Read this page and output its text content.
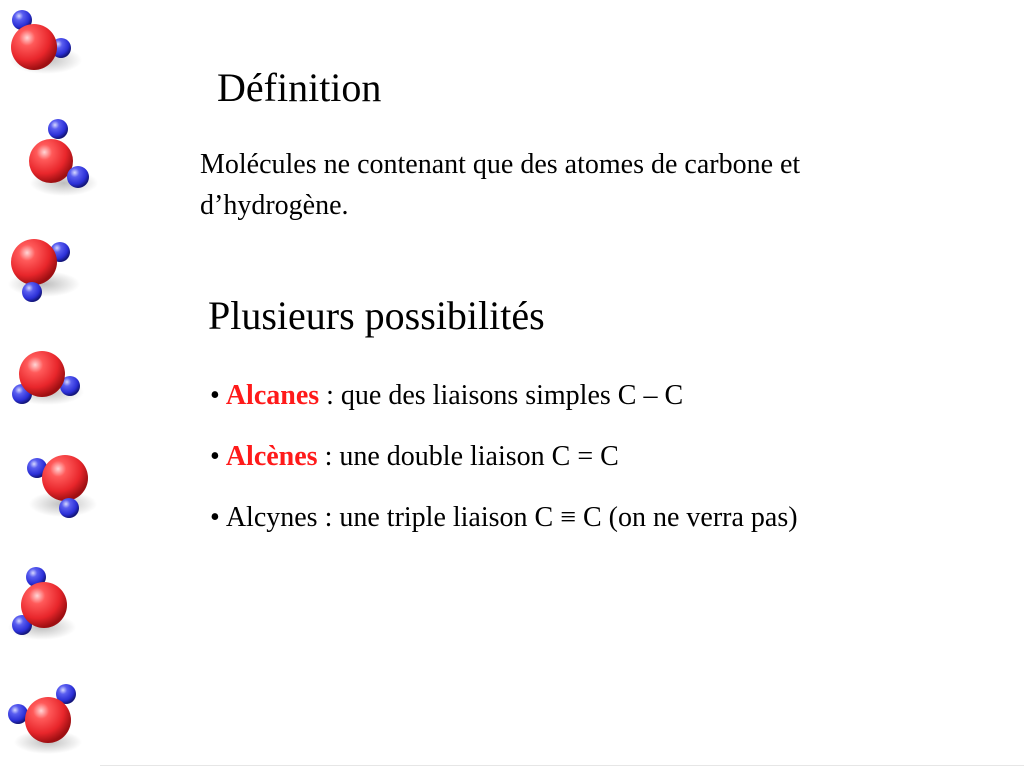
Définition
Molécules ne contenant que des atomes de carbone et d’hydrogène.
Plusieurs possibilités
• Alcanes : que des liaisons simples C – C
• Alcènes : une double liaison C = C
• Alcynes : une triple liaison C ≡ C (on ne verra pas)
